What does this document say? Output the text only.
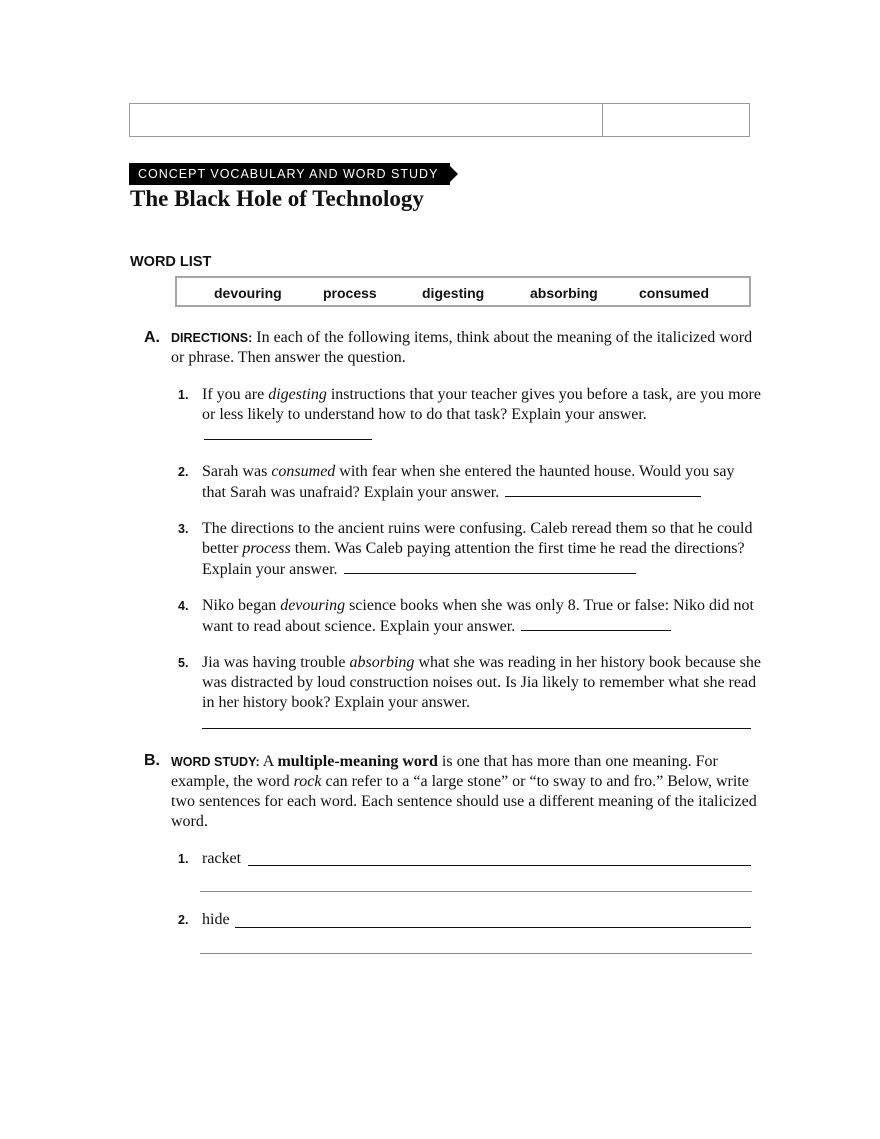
CONCEPT VOCABULARY AND WORD STUDY
The Black Hole of Technology
WORD LIST
devouring	process	digesting	absorbing	consumed
A. DIRECTIONS: In each of the following items, think about the meaning of the italicized word or phrase. Then answer the question.
1. If you are digesting instructions that your teacher gives you before a task, are you more or less likely to understand how to do that task? Explain your answer.
2. Sarah was consumed with fear when she entered the haunted house. Would you say that Sarah was unafraid? Explain your answer.
3. The directions to the ancient ruins were confusing. Caleb reread them so that he could better process them. Was Caleb paying attention the first time he read the directions? Explain your answer.
4. Niko began devouring science books when she was only 8. True or false: Niko did not want to read about science. Explain your answer.
5. Jia was having trouble absorbing what she was reading in her history book because she was distracted by loud construction noises out. Is Jia likely to remember what she read in her history book? Explain your answer.
B. WORD STUDY: A multiple-meaning word is one that has more than one meaning. For example, the word rock can refer to a “a large stone” or “to sway to and fro.” Below, write two sentences for each word. Each sentence should use a different meaning of the italicized word.
1. racket
2. hide
